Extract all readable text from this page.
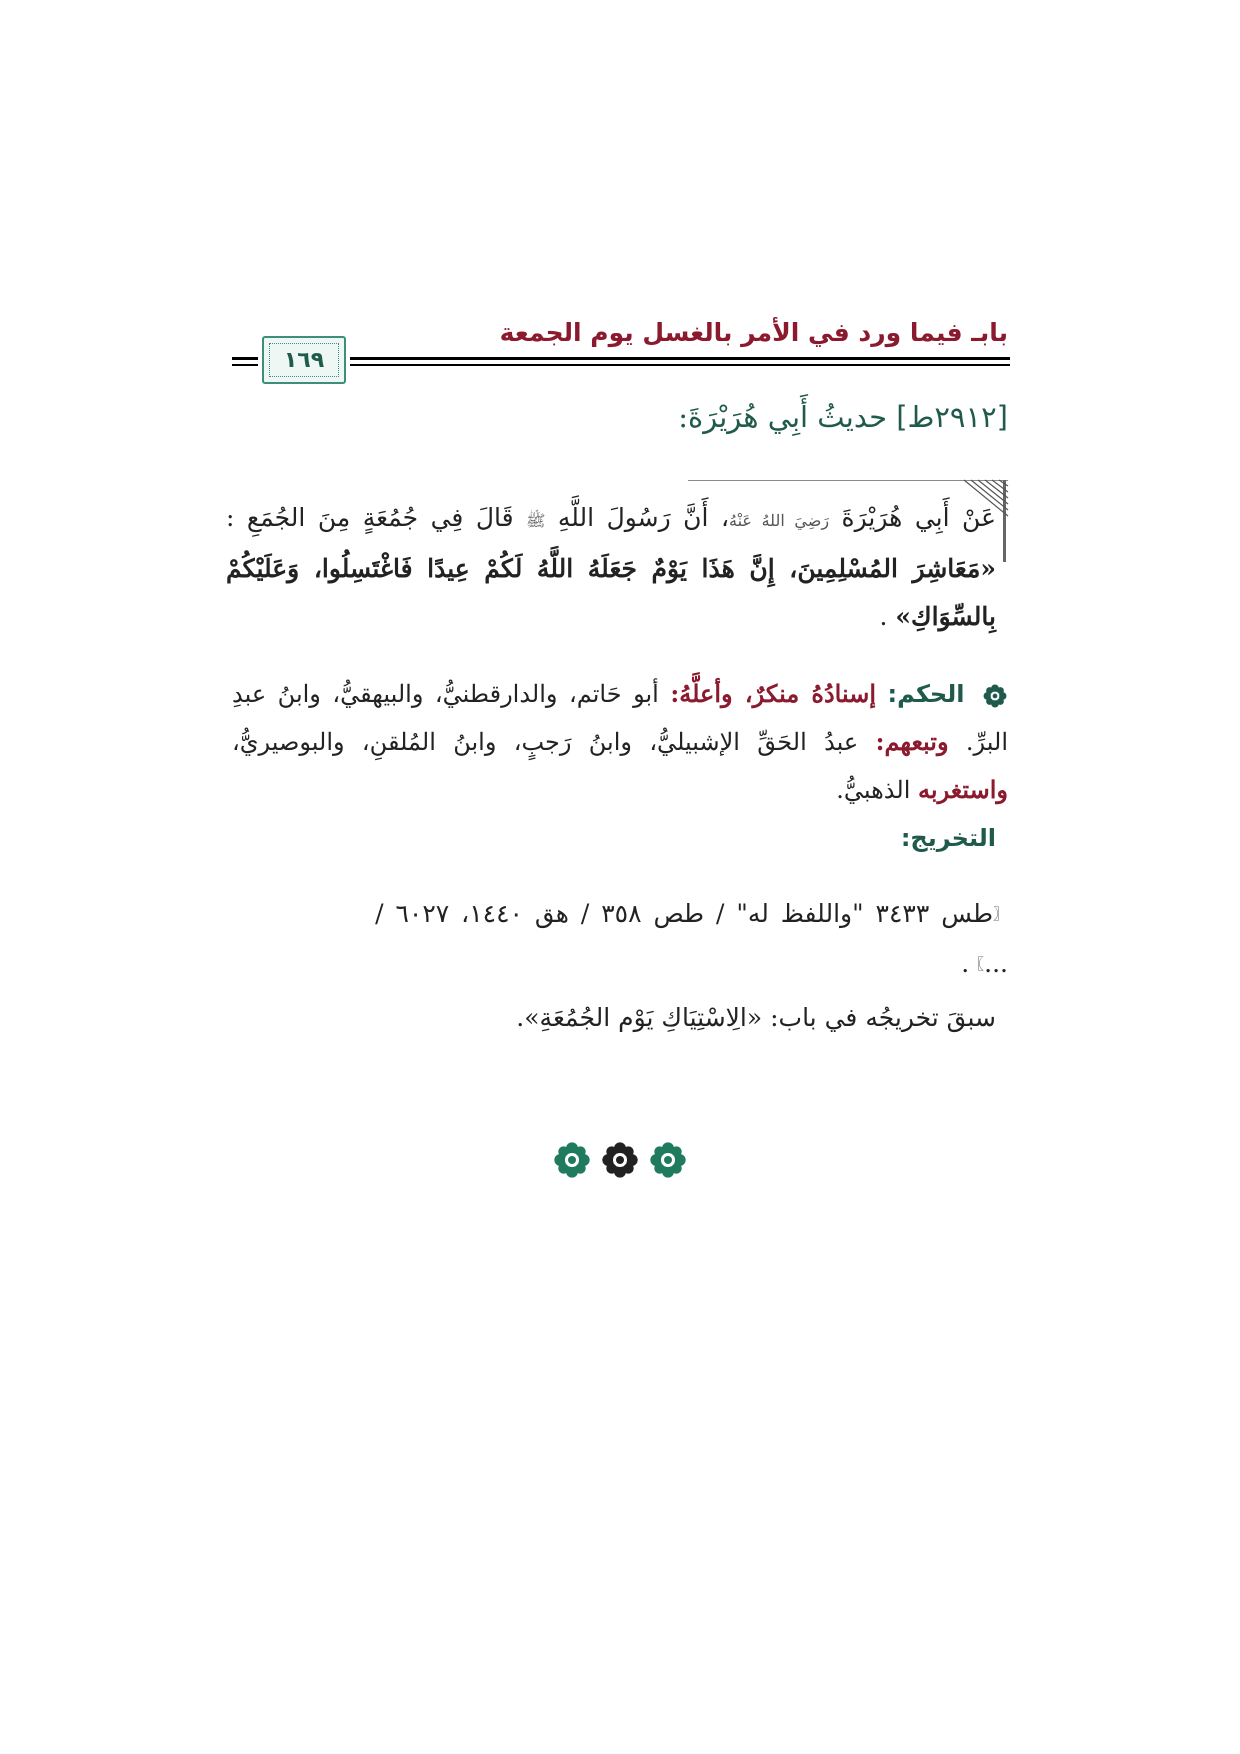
بابـ فيما ورد في الأمر بالغسل يوم الجمعة
١٦٩
[٢٩١٢ط] حديثُ أَبِي هُرَيْرَةَ:
عَنْ أَبِي هُرَيْرَةَ رَضِيَ اللهُ عَنْهُ، أَنَّ رَسُولَ اللَّهِ ﷺ قَالَ فِي جُمُعَةٍ مِنَ الجُمَعِ : «مَعَاشِرَ المُسْلِمِينَ، إِنَّ هَذَا يَوْمٌ جَعَلَهُ اللَّهُ لَكُمْ عِيدًا فَاغْتَسِلُوا، وَعَلَيْكُمْ بِالسِّوَاكِ» .
الحكم: إسنادُهُ منكرٌ، وأعلَّهُ: أبو حَاتم، والدارقطنيُّ، والبيهقيُّ، وابنُ عبدِ البرِّ. وتبعهم: عبدُ الحَقِّ الإشبيليُّ، وابنُ رَجبٍ، وابنُ المُلقنِ، والبوصيريُّ، واستغربه الذهبيُّ.
التخريج:
〖طس ٣٤٣٣ "واللفظ له" / طص ٣٥٨ / هق ١٤٤٠، ٦٠٢٧ /
...〗.
سبقَ تخريجُه في باب: «الِاسْتِيَاكِ يَوْم الجُمُعَةِ».
